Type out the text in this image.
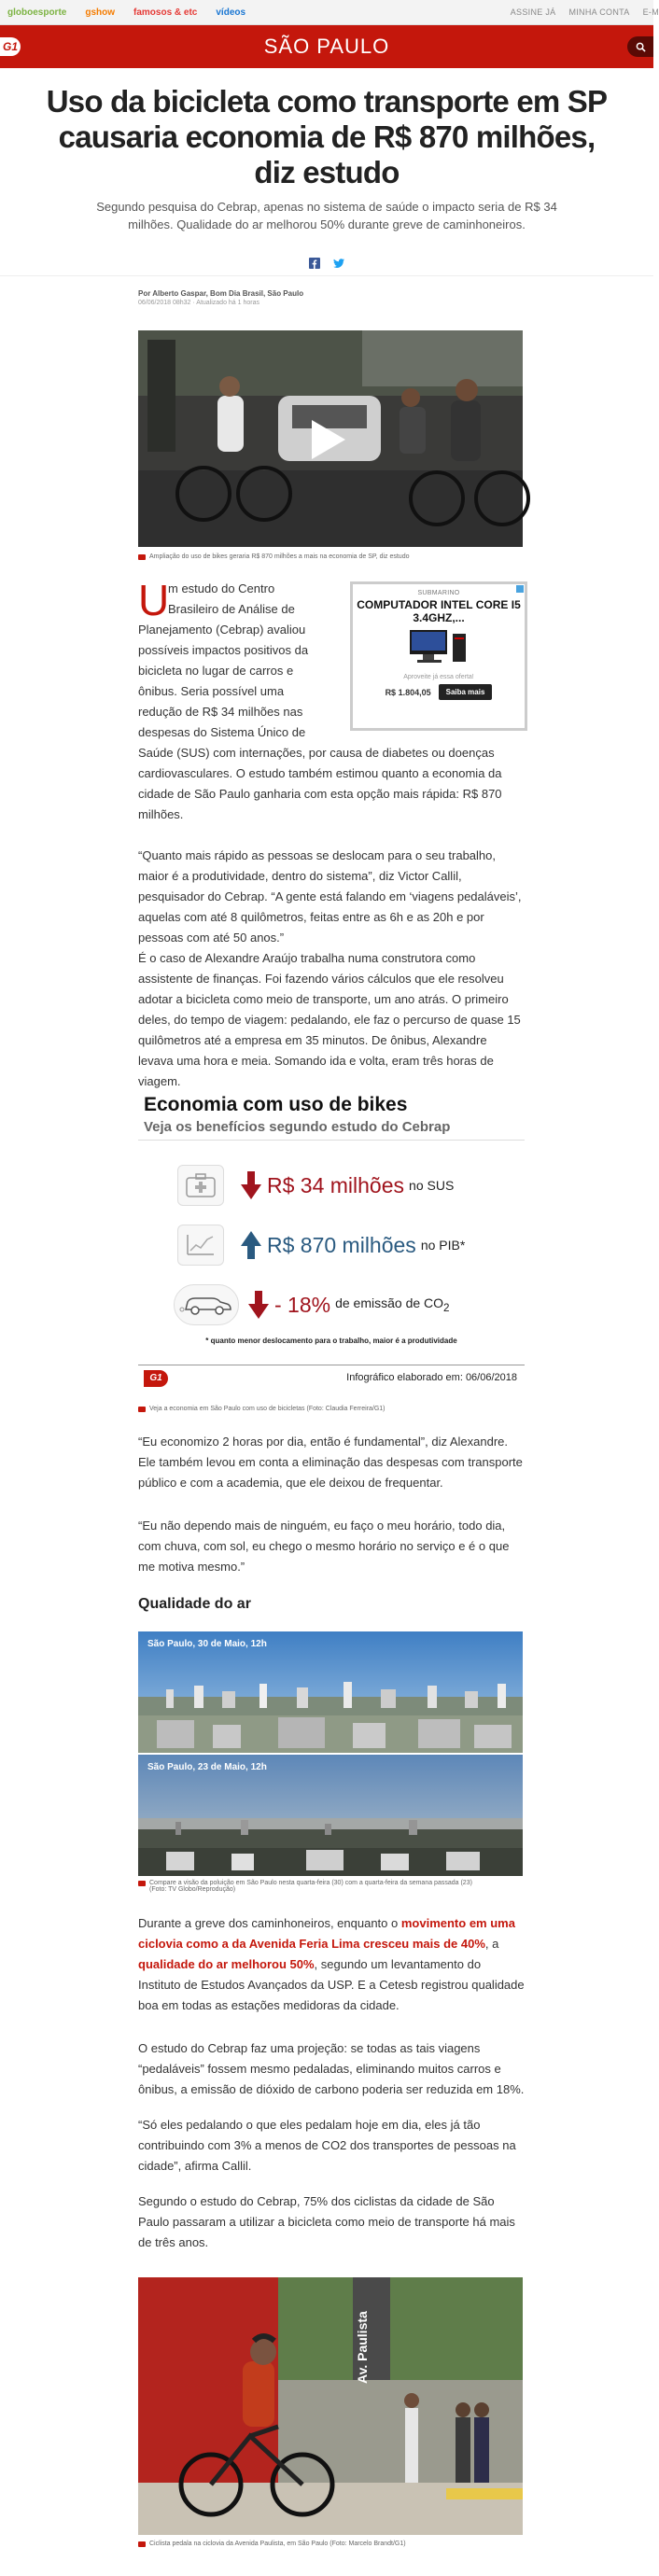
globoesporte gshow famosos & etc vídeos	ASSINE JÁ MINHA CONTA E-M
G1	SÃO PAULO
Uso da bicicleta como transporte em SP causaria economia de R$ 870 milhões, diz estudo

Segundo pesquisa do Cebrap, apenas no sistema de saúde o impacto seria de R$ 34 milhões. Qualidade do ar melhorou 50% durante greve de caminhoneiros.

Por Alberto Gaspar, Bom Dia Brasil, São Paulo
06/06/2018 08h32 · Atualizado há 1 horas
Ampliação do uso de bikes geraria R$ 870 milhões a mais na economia de SP, diz estudo
SUBMARINO
COMPUTADOR INTEL CORE I5 3.4GHZ,...
Aproveite já essa oferta!
R$ 1.804,05	Saiba mais
U
m estudo do Centro
Brasileiro de Análise de
Planejamento (Cebrap) avaliou
possíveis impactos positivos da
bicicleta no lugar de carros e
ônibus. Seria possível uma
redução de R$ 34 milhões nas
despesas do Sistema Único de
Saúde (SUS) com internações, por causa de diabetes ou doenças cardiovasculares. O estudo também estimou quanto a economia da cidade de São Paulo ganharia com esta opção mais rápida: R$ 870 milhões.
“Quanto mais rápido as pessoas se deslocam para o seu trabalho, maior é a produtividade, dentro do sistema”, diz Victor Callil, pesquisador do Cebrap. “A gente está falando em ‘viagens pedaláveis’, aquelas com até 8 quilômetros, feitas entre as 6h e as 20h e por pessoas com até 50 anos.”
É o caso de Alexandre Araújo trabalha numa construtora como assistente de finanças. Foi fazendo vários cálculos que ele resolveu adotar a bicicleta como meio de transporte, um ano atrás. O primeiro deles, do tempo de viagem: pedalando, ele faz o percurso de quase 15 quilômetros até a empresa em 35 minutos. De ônibus, Alexandre levava uma hora e meia. Somando ida e volta, eram três horas de viagem.
Economia com uso de bikes
Veja os benefícios segundo estudo do Cebrap
R$ 34 milhões no SUS
R$ 870 milhões no PIB*
- 18% de emissão de $CO_2$
* quanto menor deslocamento para o trabalho, maior é a produtividade
G1	Infográfico elaborado em: 06/06/2018
Veja a economia em São Paulo com uso de bicicletas (Foto: Claudia Ferreira/G1)
“Eu economizo 2 horas por dia, então é fundamental”, diz Alexandre. Ele também levou em conta a eliminação das despesas com transporte público e com a academia, que ele deixou de frequentar.
“Eu não dependo mais de ninguém, eu faço o meu horário, todo dia, com chuva, com sol, eu chego o mesmo horário no serviço e é o que me motiva mesmo.”
Qualidade do ar
São Paulo, 30 de Maio, 12h
São Paulo, 23 de Maio, 12h
Compare a visão da poluição em São Paulo nesta quarta-feira (30) com a quarta-feira da semana passada (23)
(Foto: TV Globo/Reprodução)
Durante a greve dos caminhoneiros, enquanto o movimento em uma ciclovia como a da Avenida Feria Lima cresceu mais de 40%, a qualidade do ar melhorou 50%, segundo um levantamento do Instituto de Estudos Avançados da USP. E a Cetesb registrou qualidade boa em todas as estações medidoras da cidade.
O estudo do Cebrap faz uma projeção: se todas as tais viagens “pedaláveis” fossem mesmo pedaladas, eliminando muitos carros e ônibus, a emissão de dióxido de carbono poderia ser reduzida em 18%.
“Só eles pedalando o que eles pedalam hoje em dia, eles já tão contribuindo com 3% a menos de CO2 dos transportes de pessoas na cidade”, afirma Callil.
Segundo o estudo do Cebrap, 75% dos ciclistas da cidade de São Paulo passaram a utilizar a bicicleta como meio de transporte há mais de três anos.
Av. Paulista
Ciclista pedala na ciclovia da Avenida Paulista, em São Paulo (Foto: Marcelo Brandt/G1)
